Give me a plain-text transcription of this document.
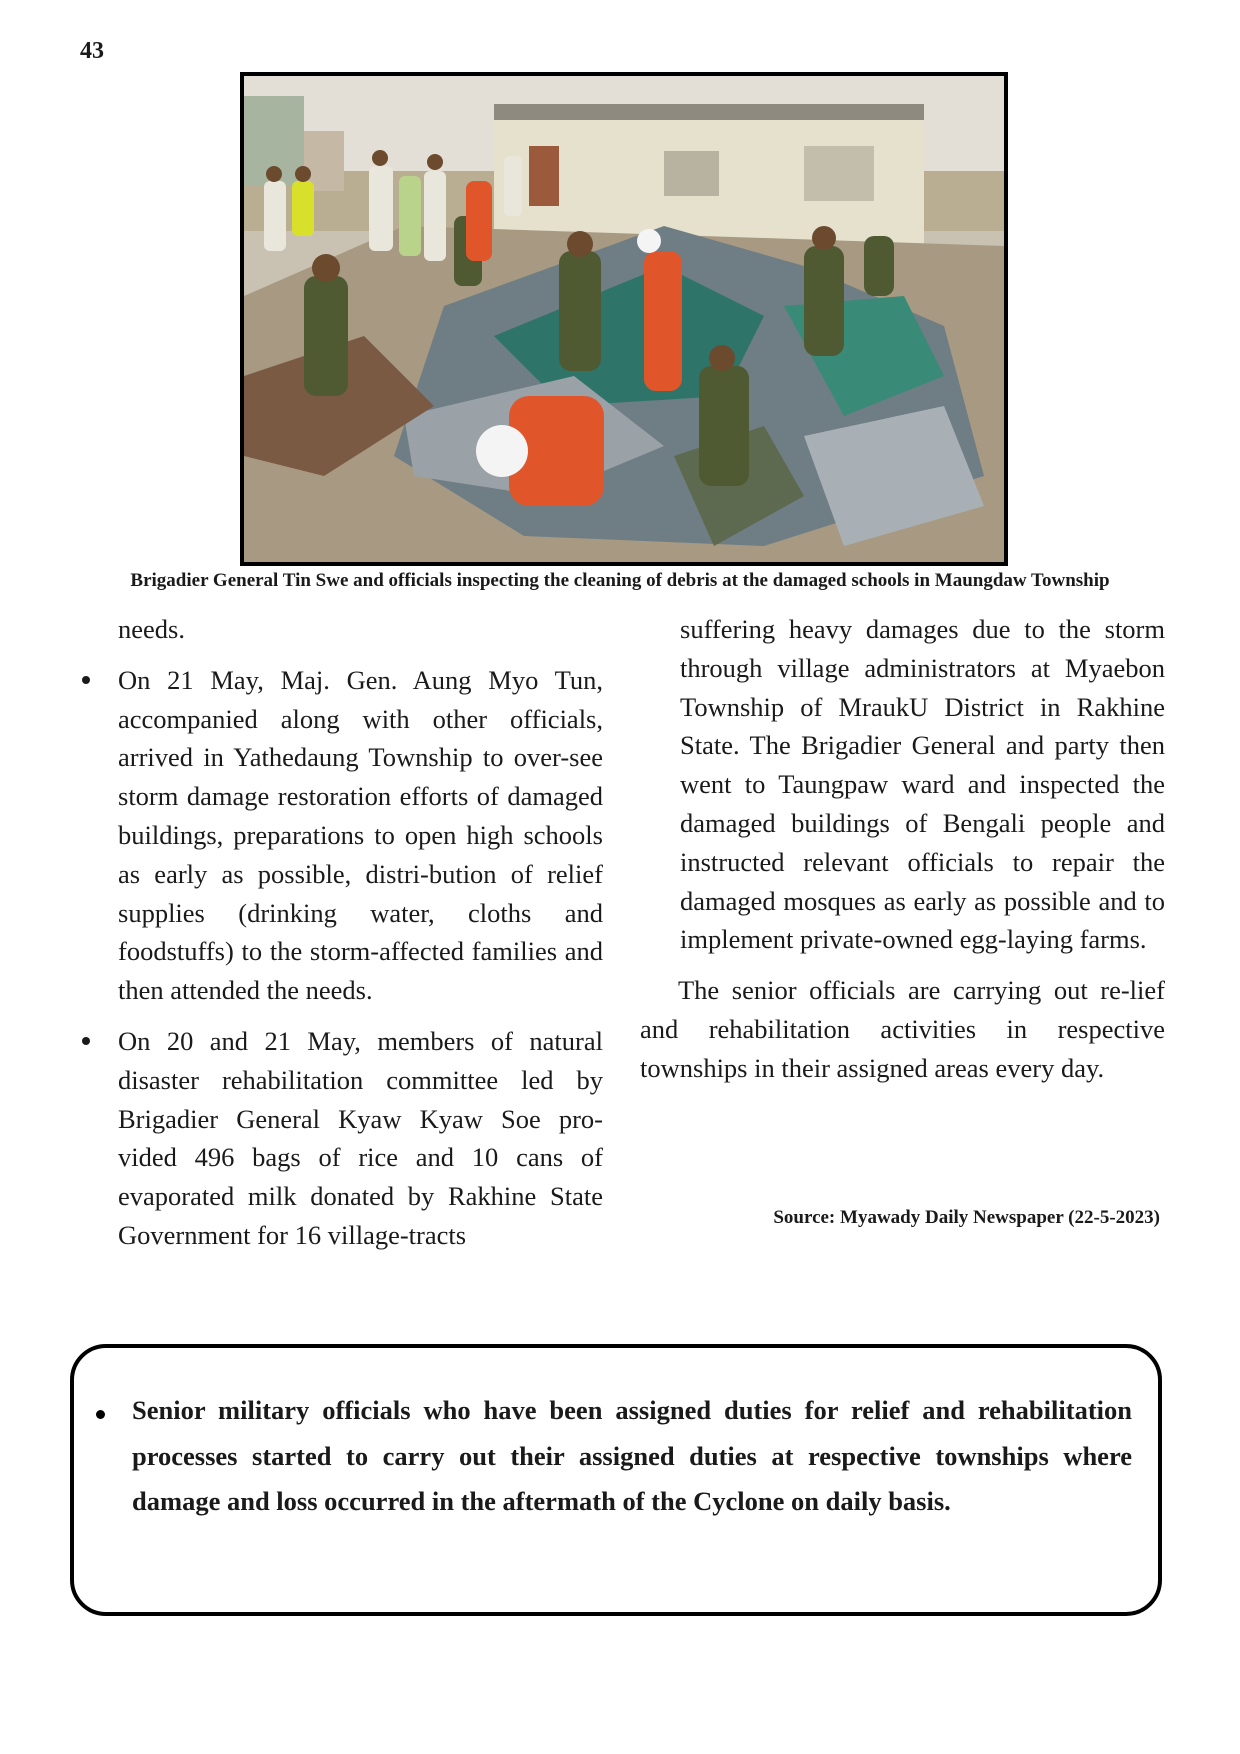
43
Brigadier General Tin Swe and officials inspecting the cleaning of debris at the damaged schools in Maungdaw Township

needs.

On 21 May, Maj. Gen. Aung Myo Tun, accompanied along with other officials, arrived in Yathedaung Township to over-see storm damage restoration efforts of damaged buildings, preparations to open high schools as early as possible, distri-bution of relief supplies (drinking water, cloths and foodstuffs) to the storm-affected families and then attended the needs.
On 20 and 21 May, members of natural disaster rehabilitation committee led by Brigadier General Kyaw Kyaw Soe pro-vided 496 bags of rice and 10 cans of evaporated milk donated by Rakhine State Government for 16 village-tracts

suffering heavy damages due to the storm through village administrators at Myaebon Township of MraukU District in Rakhine State. The Brigadier General and party then went to Taungpaw ward and inspected the damaged buildings of Bengali people and instructed relevant officials to repair the damaged mosques as early as possible and to implement private-owned egg-laying farms.

The senior officials are carrying out re-lief and rehabilitation activities in respective townships in their assigned areas every day.

Source: Myawady Daily Newspaper (22-5-2023)
Senior military officials who have been assigned duties for relief and rehabilitation processes started to carry out their assigned duties at respective townships where damage and loss occurred in the aftermath of the Cyclone on daily basis.
